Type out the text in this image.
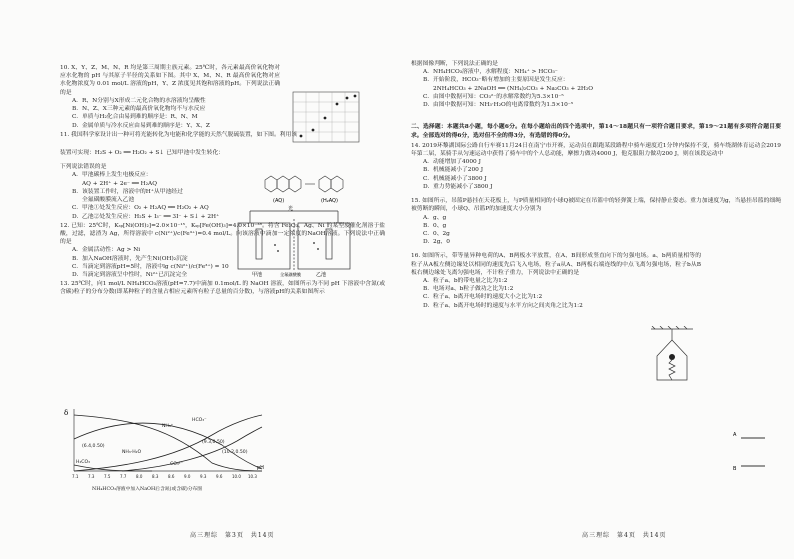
10. X、Y、Z、M、N、R 均是第三周期主族元素。25℃时，各元素最高价氧化物对应水化物的 pH 与其原子半径的关系如下图。其中 X、M、N、R 最高价氧化物对应水化物浓度为 0.01 mol/L 溶液的pH，Y、Z 浓度见其饱和溶液的pH。下列说法正确的是

A. R、N分别与X形成二元化合物的水溶液均呈酸性

B. N、Z、X三种元素的最高价氧化物均不与水反应

C. 单质与H₂化合由易到难的顺序是：R、N、M

D. 金属单质与冷水反应由易到难的顺序是：Y、X、Z

11. 我国科学家设计出一种可将光能转化为电能和化学能的天然气脱硫装置，如下图。利用该

装置可实现：H₂S + O₂ ══ H₂O₂ + S↓ 已知甲池中发生转化：

下列说法错误的是

A. 甲池碳棒上发生电极反应：

AQ + 2H⁺ + 2e⁻ ══ H₂AQ

B. 该装置工作时，溶液中的H⁺从甲池经过

全氟磺酸膜流入乙池

C. 甲池①处发生反应：O₂ + H₂AQ ══ H₂O₂ + AQ

D. 乙池②处发生反应：H₂S + I₃⁻ ══ 3I⁻ + S↓ + 2H⁺

12. 已知：25℃时，Kₛₚ[Ni(OH)₂]=2.0×10⁻¹⁵，Kₛₚ[Fe(OH)₃]=4.0×10⁻³⁸。将含 Fe₂O₃、Ag、Ni 的某型废催化剂溶于盐酸，过滤，滤渣为 Ag，所得溶液中 c(Ni²⁺)/c(Fe³⁺)=0.4 mol/L。向该溶液中滴加一定浓度的NaOH溶液。下列说法中正确的是

A. 金属活动性：Ag > Ni

B. 加入NaOH溶液时，先产生Ni(OH)₂沉淀

C. 当滴定到溶液pH=5时，溶液中lg c(Ni²⁺)/c(Fe³⁺) = 10

D. 当滴定到溶液呈中性时，Ni²⁺已沉淀完全

13. 25℃时，向1 mol/L NH₄HCO₃溶液(pH=7.7)中滴加 0.1mol/L 的 NaOH 溶液，如图所示为不同 pH 下溶液中含氮(或含碳)粒子的分布分数(即某种粒子的含量占相应元素所有粒子总量的百分数)，与溶液pH的关系如图所示

(AQ)	(H₂AQ)
光
甲池	乙池
全氟磺酸膜
δ
pH
NH₄⁺
HCO₃⁻
H₂CO₃
NH₃·H₂O
CO₃²⁻
(9.3,0.50)
(10.2,0.50)
(6.4,0.50)
7.1 7.3 7.5 7.7 8.0 8.3 8.6 9.0 9.3 9.6 10.0 10.3
NH₄HCO₃溶液中加入NaOH后含氮(或含碳)分布图
高三理综　第3页　共14页

根据图像判断，下列说法正确的是

A. NH₄HCO₃溶液中，水解程度：NH₄⁺ > HCO₃⁻

B. 开始阶段，HCO₃⁻略有增加的主要原因是发生反应：

2NH₄HCO₃ + 2NaOH ══ (NH₄)₂CO₃ + Na₂CO₃ + 2H₂O

C. 由图中数据可知：CO₃²⁻的水解常数约为5.3×10⁻⁵

D. 由图中数据可知：NH₃·H₂O的电离常数约为1.5×10⁻⁵

二、选择题：本题共8小题，每小题6分。在每小题给出的四个选项中，第14～18题只有一项符合题目要求，第19～21题有多项符合题目要求。全部选对的得6分，选对但不全的得3分，有选错的得0分。

14. 2019环黎湖国际公路自行车赛11月24日在南宁市开赛，运动员在跟跑某段路程中骑车速度近1分钟内保持不变，骑车绕湖体育运动会2019年第二届，某骑手从匀速运动中获得了骑车中的个人总动能，摩擦力做功4000 J，他克服阻力做功200 J，则在该段运动中

A. 动能增加了4000 J

B. 机械能减小了200 J

C. 机械能减小了3800 J

D. 重力势能减小了3800 J

15. 如图所示，吊篮P悬挂在天花板上，与P质量相同的小球Q被固定在吊篮中的轻弹簧上端，保持静止姿态。重力加速度为g，当悬挂吊篮的细绳被剪断的瞬间，小球Q、吊篮P的加速度大小分别为

A. g、g

B. 0、g

C. 0、2g

D. 2g、0

16. 如图所示，带等量异种电荷的A、B两板水平放置，在A、B间形成竖直向下的匀强电场。a、b两质量相等的粒子从A板左侧边缘处以相同的速度先后飞入电场，粒子a从A、B两板右端连线的中点飞离匀强电场，粒子b从B板右侧边缘处飞离匀强电场，不计粒子重力，下列说法中正确的是

A. 粒子a、b的带电量之比为1:2

B. 电场对a、b粒子做功之比为1:2

C. 粒子a、b离开电场时的速度大小之比为1:2

D. 粒子a、b离开电场时的速度与水平方向之间夹角之比为1:2

A
B
高三理综　第4页　共14页
